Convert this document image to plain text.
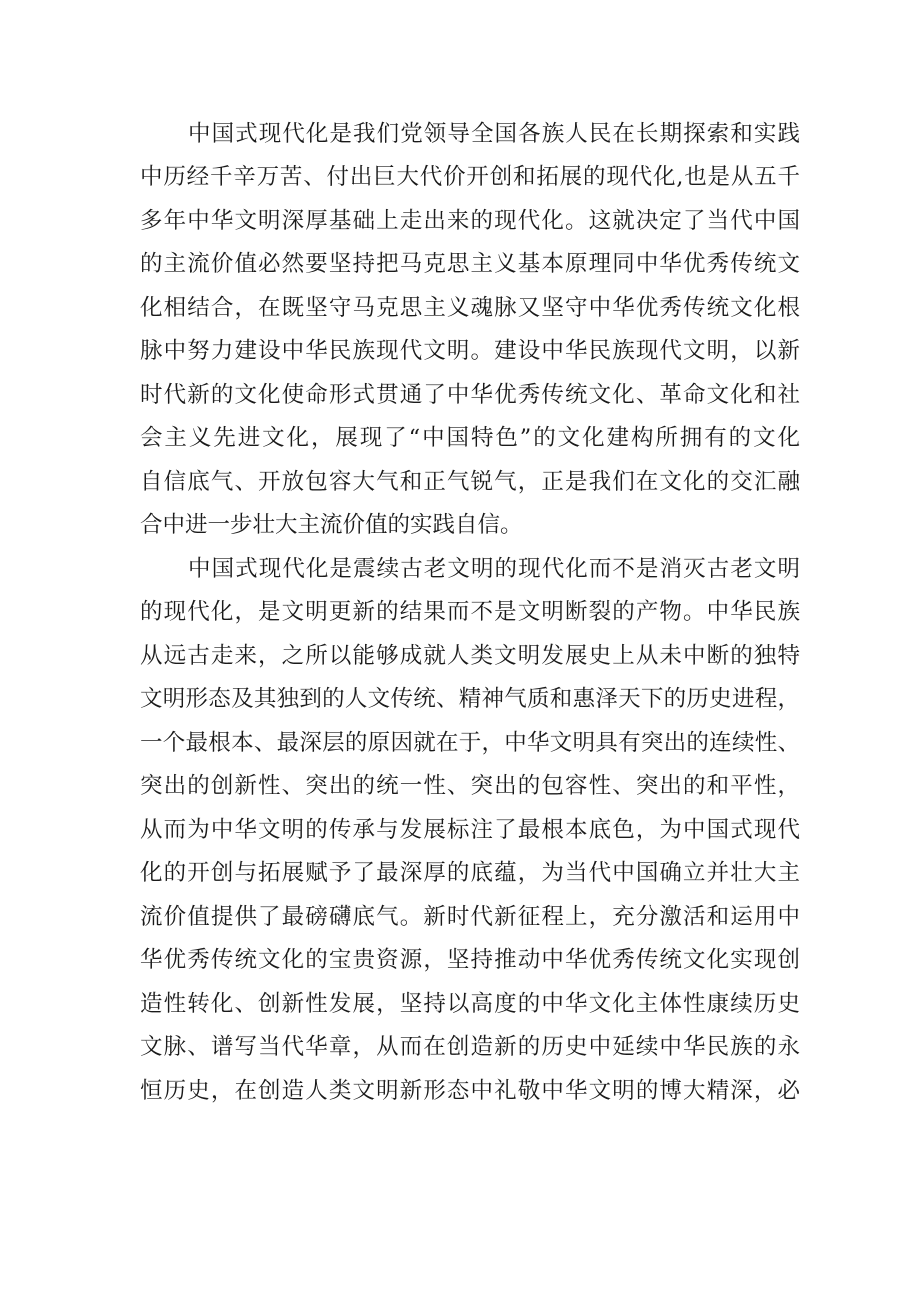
中国式现代化是我们党领导全国各族人民在长期探索和实践
中历经千辛万苦、付出巨大代价开创和拓展的现代化,也是从五千
多年中华文明深厚基础上走出来的现代化。这就决定了当代中国
的主流价值必然要坚持把马克思主义基本原理同中华优秀传统文
化相结合，在既坚守马克思主义魂脉又坚守中华优秀传统文化根
脉中努力建设中华民族现代文明。建设中华民族现代文明，以新
时代新的文化使命形式贯通了中华优秀传统文化、革命文化和社
会主义先进文化，展现了“中国特色”的文化建构所拥有的文化
自信底气、开放包容大气和正气锐气，正是我们在文化的交汇融
合中进一步壮大主流价值的实践自信。
中国式现代化是震续古老文明的现代化而不是消灭古老文明
的现代化，是文明更新的结果而不是文明断裂的产物。中华民族
从远古走来，之所以能够成就人类文明发展史上从未中断的独特
文明形态及其独到的人文传统、精神气质和惠泽天下的历史进程，
一个最根本、最深层的原因就在于，中华文明具有突出的连续性、
突出的创新性、突出的统一性、突出的包容性、突出的和平性，
从而为中华文明的传承与发展标注了最根本底色，为中国式现代
化的开创与拓展赋予了最深厚的底蕴，为当代中国确立并壮大主
流价值提供了最磅礴底气。新时代新征程上，充分激活和运用中
华优秀传统文化的宝贵资源，坚持推动中华优秀传统文化实现创
造性转化、创新性发展，坚持以高度的中华文化主体性康续历史
文脉、谱写当代华章，从而在创造新的历史中延续中华民族的永
恒历史，在创造人类文明新形态中礼敬中华文明的博大精深，必
